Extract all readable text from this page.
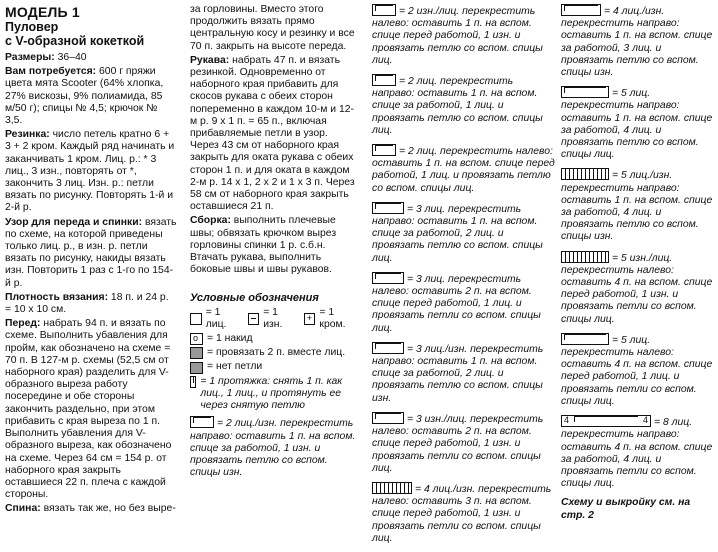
МОДЕЛЬ 1
Пуловер
с V-образной кокеткой

Размеры: 36–40

Вам потребуется: 600 г пряжи цвета мята Scooter (64% хлопка, 27% вискозы, 9% полиамида, 85 м/50 г); спицы № 4,5; крючок № 3,5.

Резинка: число петель кратно 6 + 3 + 2 кром. Каждый ряд начинать и заканчивать 1 кром. Лиц. р.: * 3 лиц., 3 изн., повторять от *, закончить 3 лиц. Изн. р.: петли вязать по рисунку. Повторять 1-й и 2-й р.

Узор для переда и спинки: вязать по схеме, на которой приведены только лиц. р., в изн. р. петли вязать по рисунку, накиды вязать изн. Повторить 1 раз с 1-го по 154-й р.

Плотность вязания: 18 п. и 24 р. = 10 х 10 см.

Перед: набрать 94 п. и вязать по схеме. Выполнить убавления для пройм, как обозначено на схеме = 70 п. В 127-м р. схемы (52,5 см от наборного края) разделить для V-образного выреза работу посередине и обе стороны закончить раздельно, при этом прибавить с края выреза по 1 п. Выполнить убавления для V-образного выреза, как обозначено на схеме. Через 64 см = 154 р. от наборного края закрыть оставшиеся 22 п. плеча с каждой стороны.

Спина: вязать так же, но без выре-

за горловины. Вместо этого продолжить вязать прямо центральную косу и резинку и все 70 п. закрыть на высоте переда.

Рукава: набрать 47 п. и вязать резинкой. Одновременно от наборного края прибавить для скосов рукава с обеих сторон попеременно в каждом 10-м и 12-м р. 9 х 1 п. = 65 п., включая прибавляемые петли в узор. Через 43 см от наборного края закрыть для оката рукава с обеих сторон 1 п. и для оката в каждом 2-м р. 14 х 1, 2 х 2 и 1 х 3 п. Через 58 см от наборного края закрыть оставшиеся 21 п.

Сборка: выполнить плечевые швы; обвязать крючком вырез горловины спинки 1 р. с.б.н. Втачать рукава, выполнить боковые швы и швы рукавов.

Условные обозначения
= 1 лиц.
= 1 изн.
+
= 1 кром.
o = 1 накид
= провязать 2 п. вместе лиц.
= нет петли
= 1 протяжка: снять 1 п. как лиц., 1 лиц., и протянуть ее через снятую петлю
= 2 лиц./изн. перекрестить направо: оставить 1 п. на вспом. спице за работой, 1 изн. и провязать петлю со вспом. спицы изн.
= 2 изн./лиц. перекрестить налево: оставить 1 п. на вспом. спице перед работой, 1 изн. и провязать петлю со вспом. спицы лиц.
= 2 лиц. перекрестить направо: оставить 1 п. на вспом. спице за работой, 1 лиц. и провязать петлю со вспом. спицы лиц.
= 2 лиц. перекрестить налево: оставить 1 п. на вспом. спице перед работой, 1 лиц. и провязать петлю со вспом. спицы лиц.
= 3 лиц. перекрестить направо: оставить 1 п. на вспом. спице за работой, 2 лиц. и провязать петлю со вспом. спицы лиц.
= 3 лиц. перекрестить налево: оставить 2 п. на вспом. спице перед работой, 1 лиц. и провязать петли со вспом. спицы лиц.
= 3 лиц./изн. перекрестить направо: оставить 1 п. на вспом. спице за работой, 2 лиц. и провязать петлю со вспом. спицы изн.
= 3 изн./лиц. перекрестить налево: оставить 2 п. на вспом. спице перед работой, 1 изн. и провязать петли со вспом. спицы лиц.
= 4 лиц./изн. перекрестить налево: оставить 3 п. на вспом. спице перед работой, 1 изн. и провязать петли со вспом. спицы лиц.
= 4 лиц./изн. перекрестить направо: оставить 1 п. на вспом. спице за работой, 3 лиц. и провязать петлю со вспом. спицы изн.
= 5 лиц. перекрестить направо: оставить 1 п. на вспом. спице за работой, 4 лиц. и провязать петлю со вспом. спицы лиц.
= 5 лиц./изн. перекрестить направо: оставить 1 п. на вспом. спице за работой, 4 лиц. и провязать петлю со вспом. спицы изн.
= 5 изн./лиц. перекрестить налево: оставить 4 п. на вспом. спице перед работой, 1 изн. и провязать петли со вспом. спицы лиц.
= 5 лиц. перекрестить налево: оставить 4 п. на вспом. спице перед работой, 1 лиц. и провязать петли со вспом. спицы лиц.
4	4 = 8 лиц. перекрестить направо: оставить 4 п. на вспом. спице за работой, 4 лиц. и провязать петли со вспом. спицы лиц.
Схему и выкройку см. на стр. 2
